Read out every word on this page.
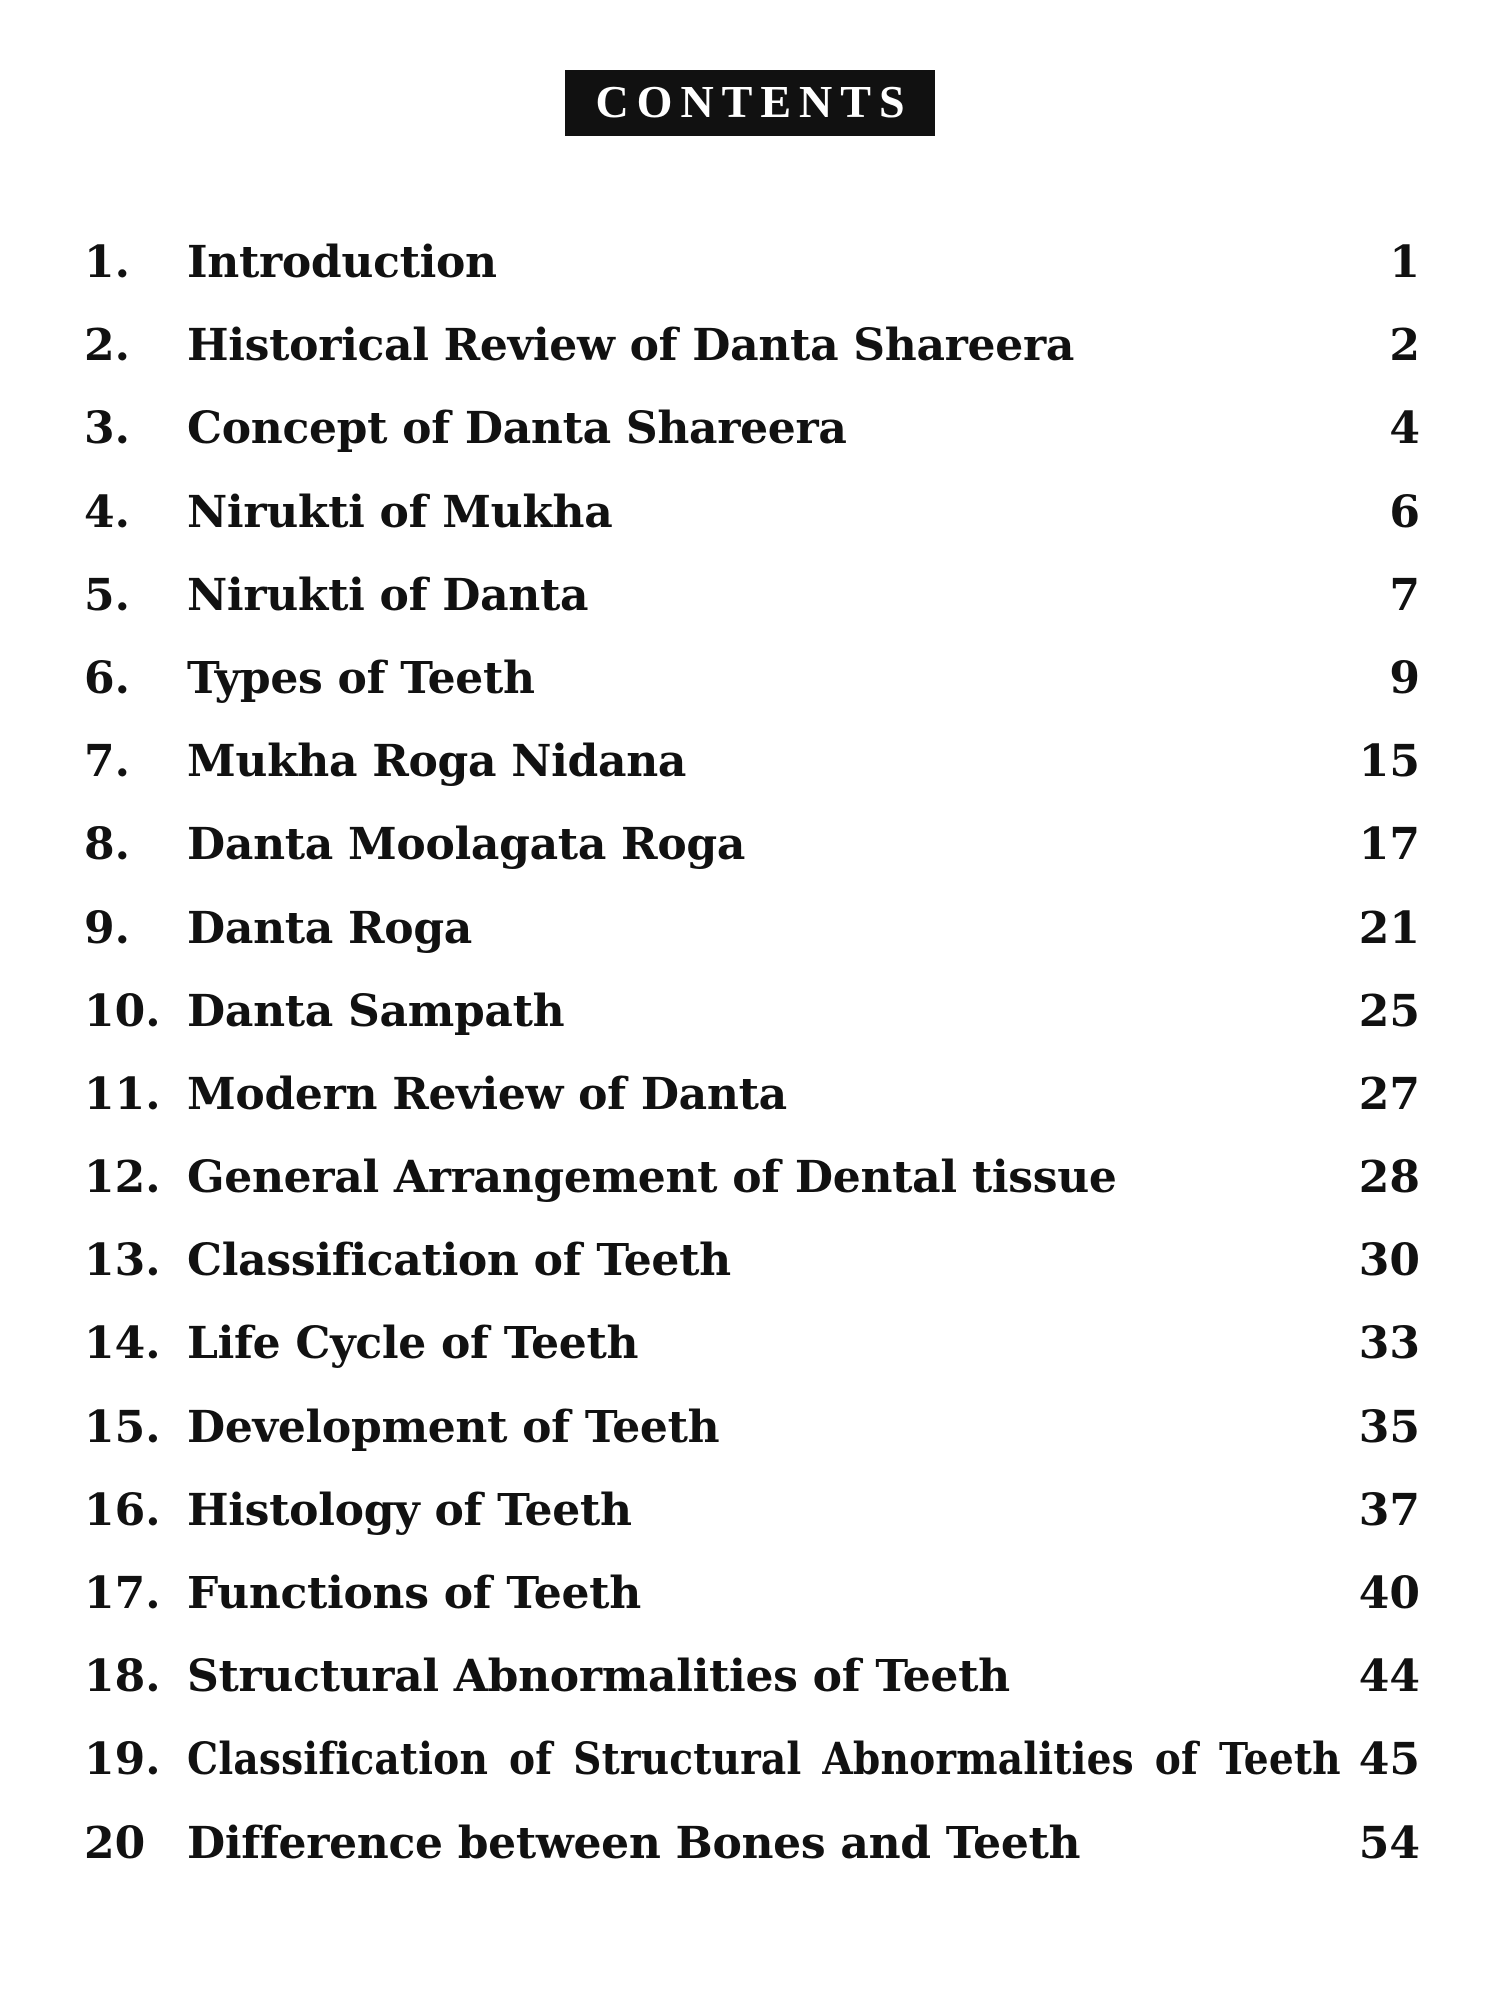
CONTENTS
1.	Introduction	1
2.	Historical Review of Danta Shareera	2
3.	Concept of Danta Shareera	4
4.	Nirukti of Mukha	6
5.	Nirukti of Danta	7
6.	Types of Teeth	9
7.	Mukha Roga Nidana	15
8.	Danta Moolagata Roga	17
9.	Danta Roga	21
10. Danta Sampath	25
11. Modern Review of Danta	27
12. General Arrangement of Dental tissue	28
13. Classification of Teeth	30
14. Life Cycle of Teeth	33
15. Development of Teeth	35
16. Histology of Teeth	37
17. Functions of Teeth	40
18. Structural Abnormalities of Teeth	44
19. Classification of Structural Abnormalities of Teeth 45
20 Difference between Bones and Teeth	54
